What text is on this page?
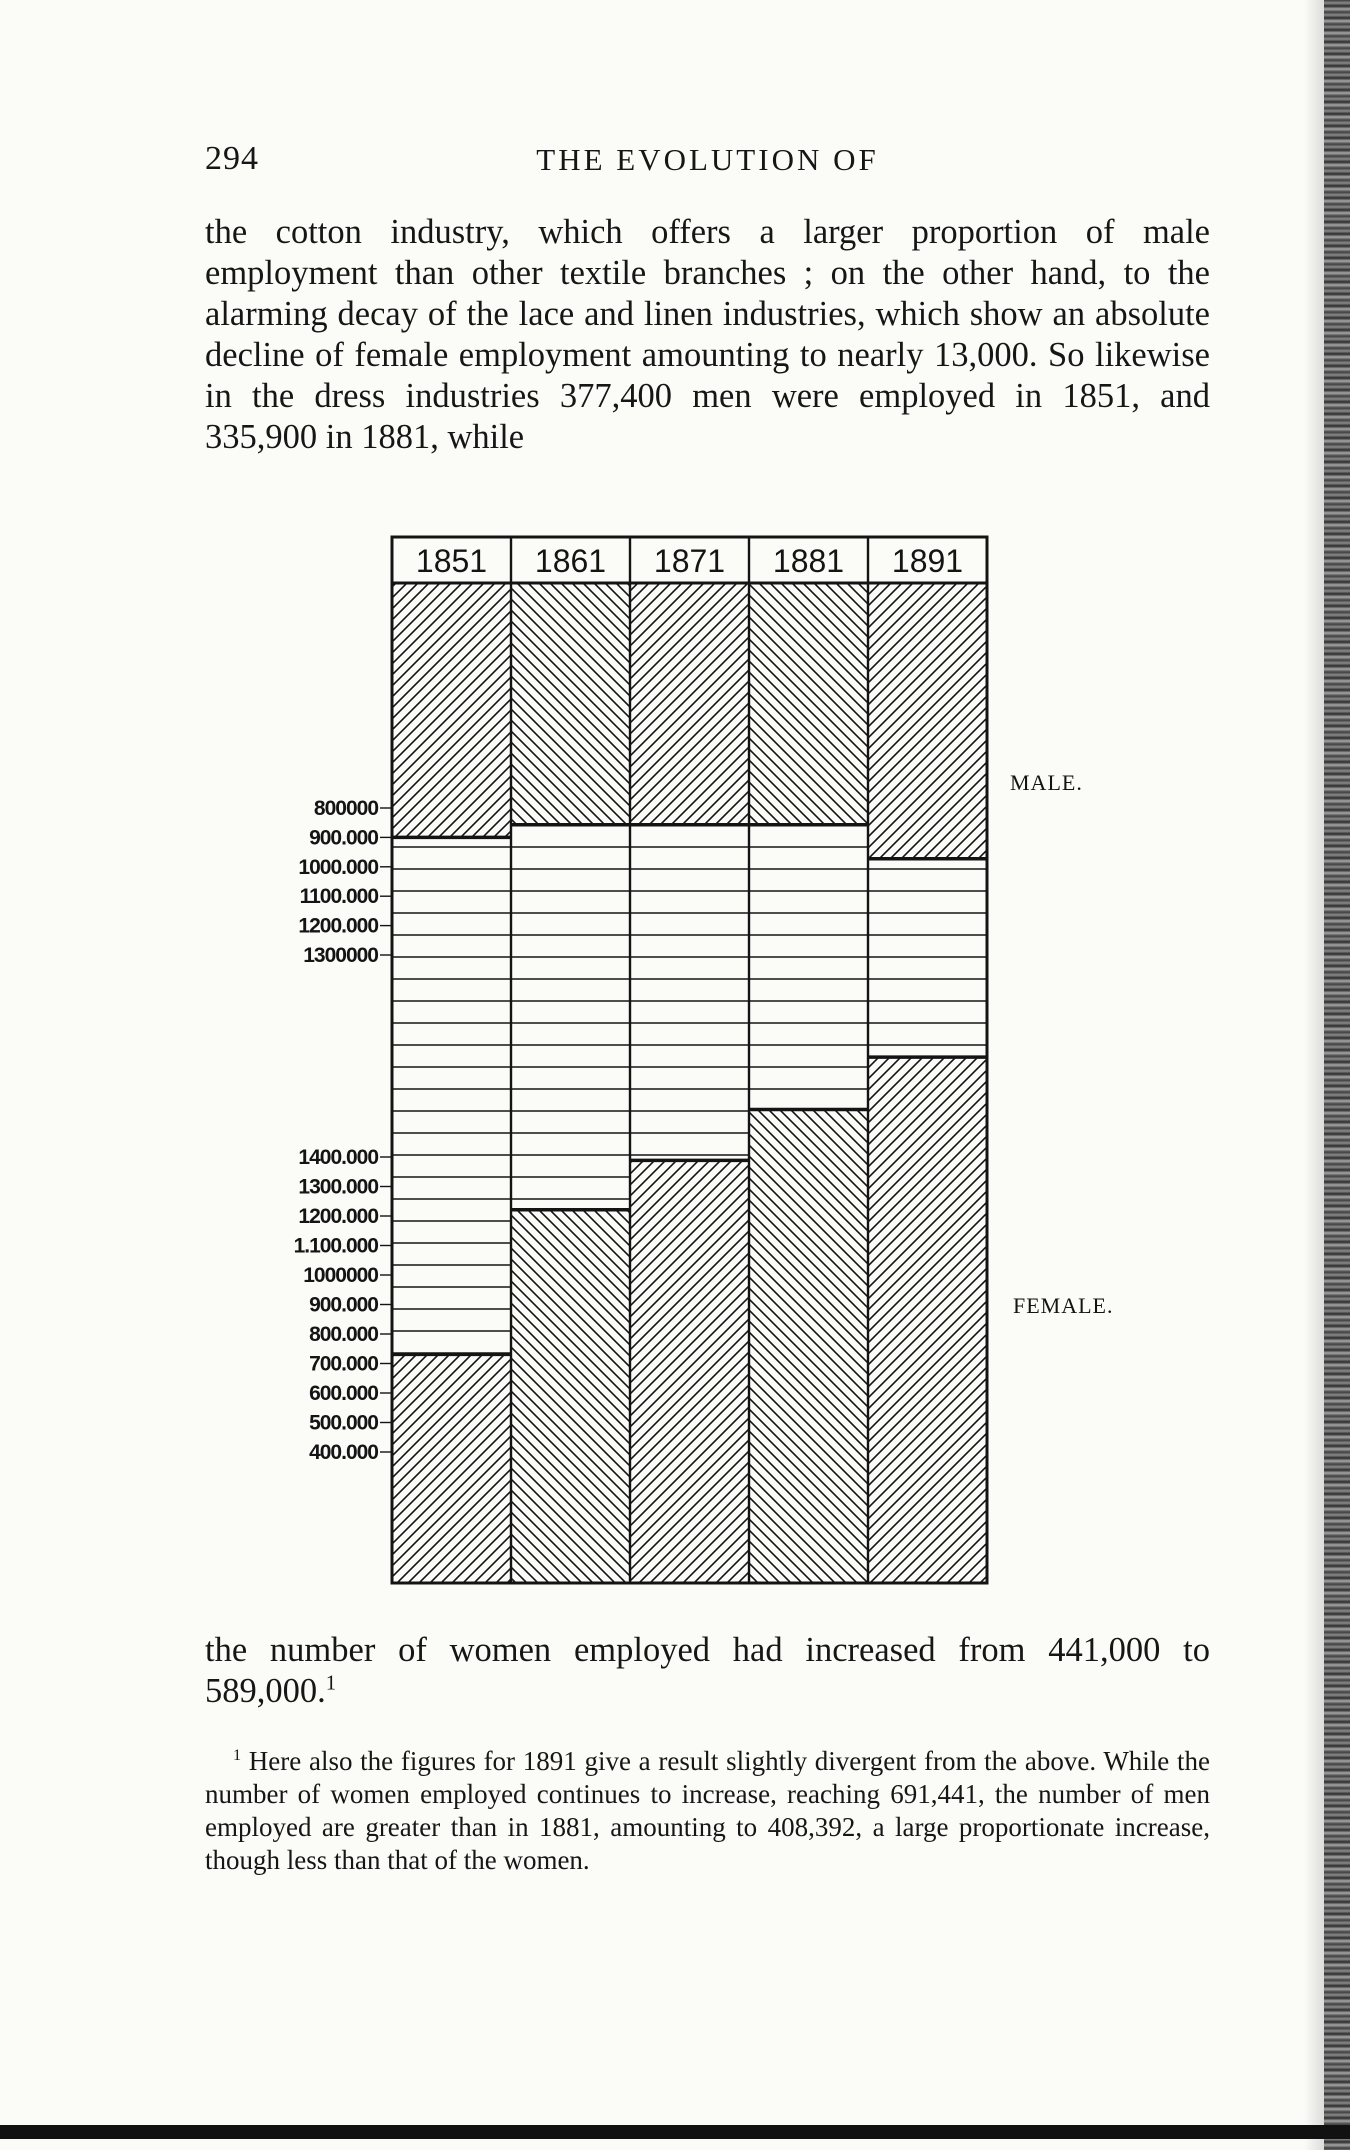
294	THE EVOLUTION OF

the cotton industry, which offers a larger proportion of male employment than other textile branches ; on the other hand, to the alarming decay of the lace and linen industries, which show an absolute decline of female employment amounting to nearly 13,000. So likewise in the dress industries 377,400 men were employed in 1851, and 335,900 in 1881, while

1851 1861 1871 1881 1891
800000
900.000
1000.000
1100.000
1200.000
1300000
1400.000
1300.000
1200.000
1.100.000
1000000
900.000
800.000
700.000
600.000
500.000
400.000
MALE.
FEMALE.

the number of women employed had increased from 441,000 to 589,000.$^1$

$^1$ Here also the figures for 1891 give a result slightly divergent from the above. While the number of women employed continues to increase, reaching 691,441, the number of men employed are greater than in 1881, amounting to 408,392, a large proportionate increase, though less than that of the women.
